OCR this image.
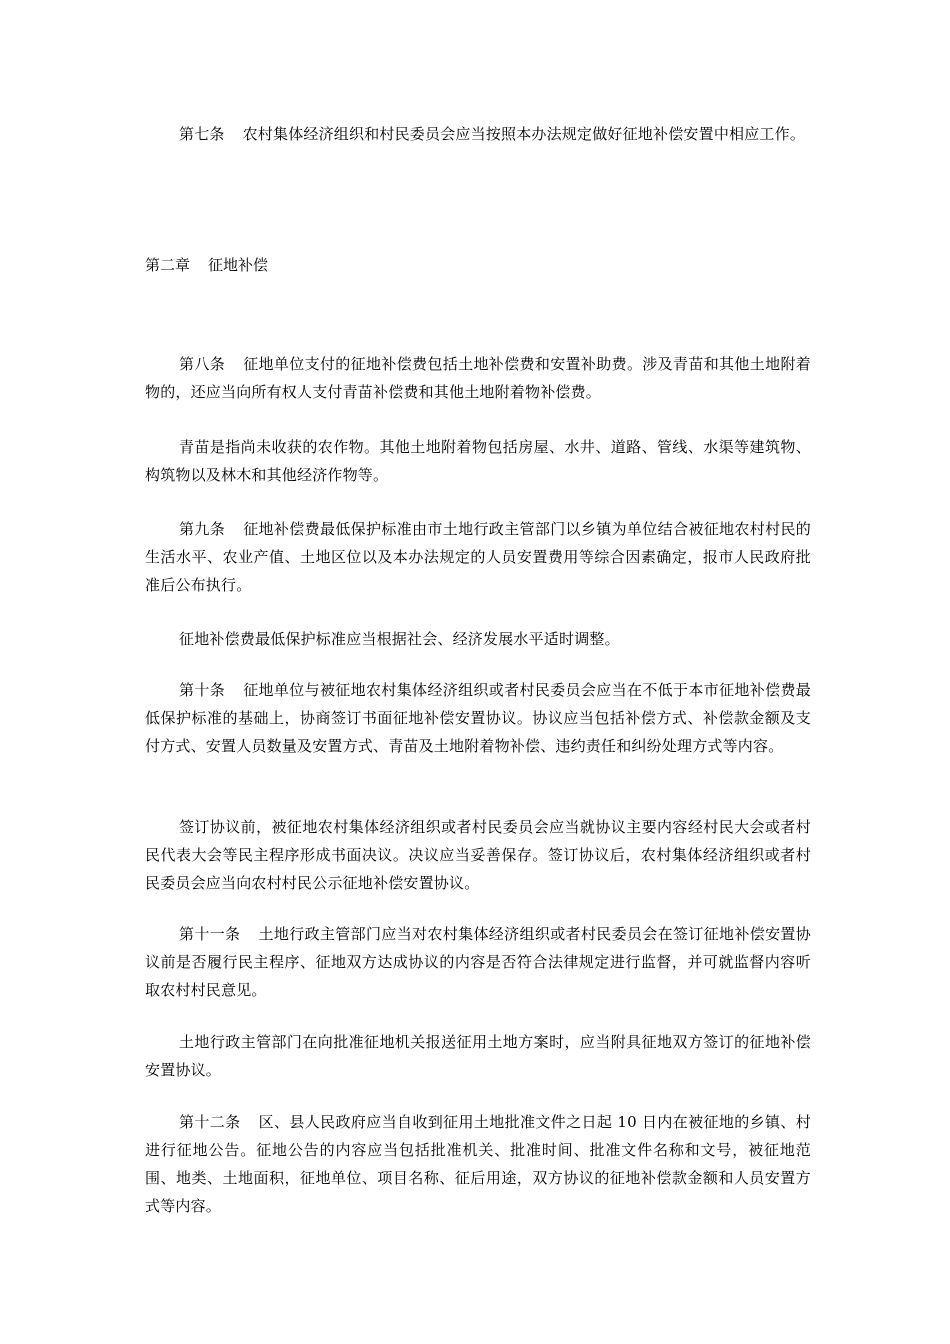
第七条 农村集体经济组织和村民委员会应当按照本办法规定做好征地补偿安置中相应工作。

第二章 征地补偿

第八条 征地单位支付的征地补偿费包括土地补偿费和安置补助费。涉及青苗和其他土地附着物的，还应当向所有权人支付青苗补偿费和其他土地附着物补偿费。

青苗是指尚未收获的农作物。其他土地附着物包括房屋、水井、道路、管线、水渠等建筑物、构筑物以及林木和其他经济作物等。

第九条 征地补偿费最低保护标准由市土地行政主管部门以乡镇为单位结合被征地农村村民的生活水平、农业产值、土地区位以及本办法规定的人员安置费用等综合因素确定，报市人民政府批准后公布执行。

征地补偿费最低保护标准应当根据社会、经济发展水平适时调整。

第十条 征地单位与被征地农村集体经济组织或者村民委员会应当在不低于本市征地补偿费最低保护标准的基础上，协商签订书面征地补偿安置协议。协议应当包括补偿方式、补偿款金额及支付方式、安置人员数量及安置方式、青苗及土地附着物补偿、违约责任和纠纷处理方式等内容。

签订协议前，被征地农村集体经济组织或者村民委员会应当就协议主要内容经村民大会或者村民代表大会等民主程序形成书面决议。决议应当妥善保存。签订协议后，农村集体经济组织或者村民委员会应当向农村村民公示征地补偿安置协议。

第十一条 土地行政主管部门应当对农村集体经济组织或者村民委员会在签订征地补偿安置协议前是否履行民主程序、征地双方达成协议的内容是否符合法律规定进行监督，并可就监督内容听取农村村民意见。

土地行政主管部门在向批准征地机关报送征用土地方案时，应当附具征地双方签订的征地补偿安置协议。

第十二条 区、县人民政府应当自收到征用土地批准文件之日起 10 日内在被征地的乡镇、村进行征地公告。征地公告的内容应当包括批准机关、批准时间、批准文件名称和文号，被征地范围、地类、土地面积，征地单位、项目名称、征后用途，双方协议的征地补偿款金额和人员安置方式等内容。
